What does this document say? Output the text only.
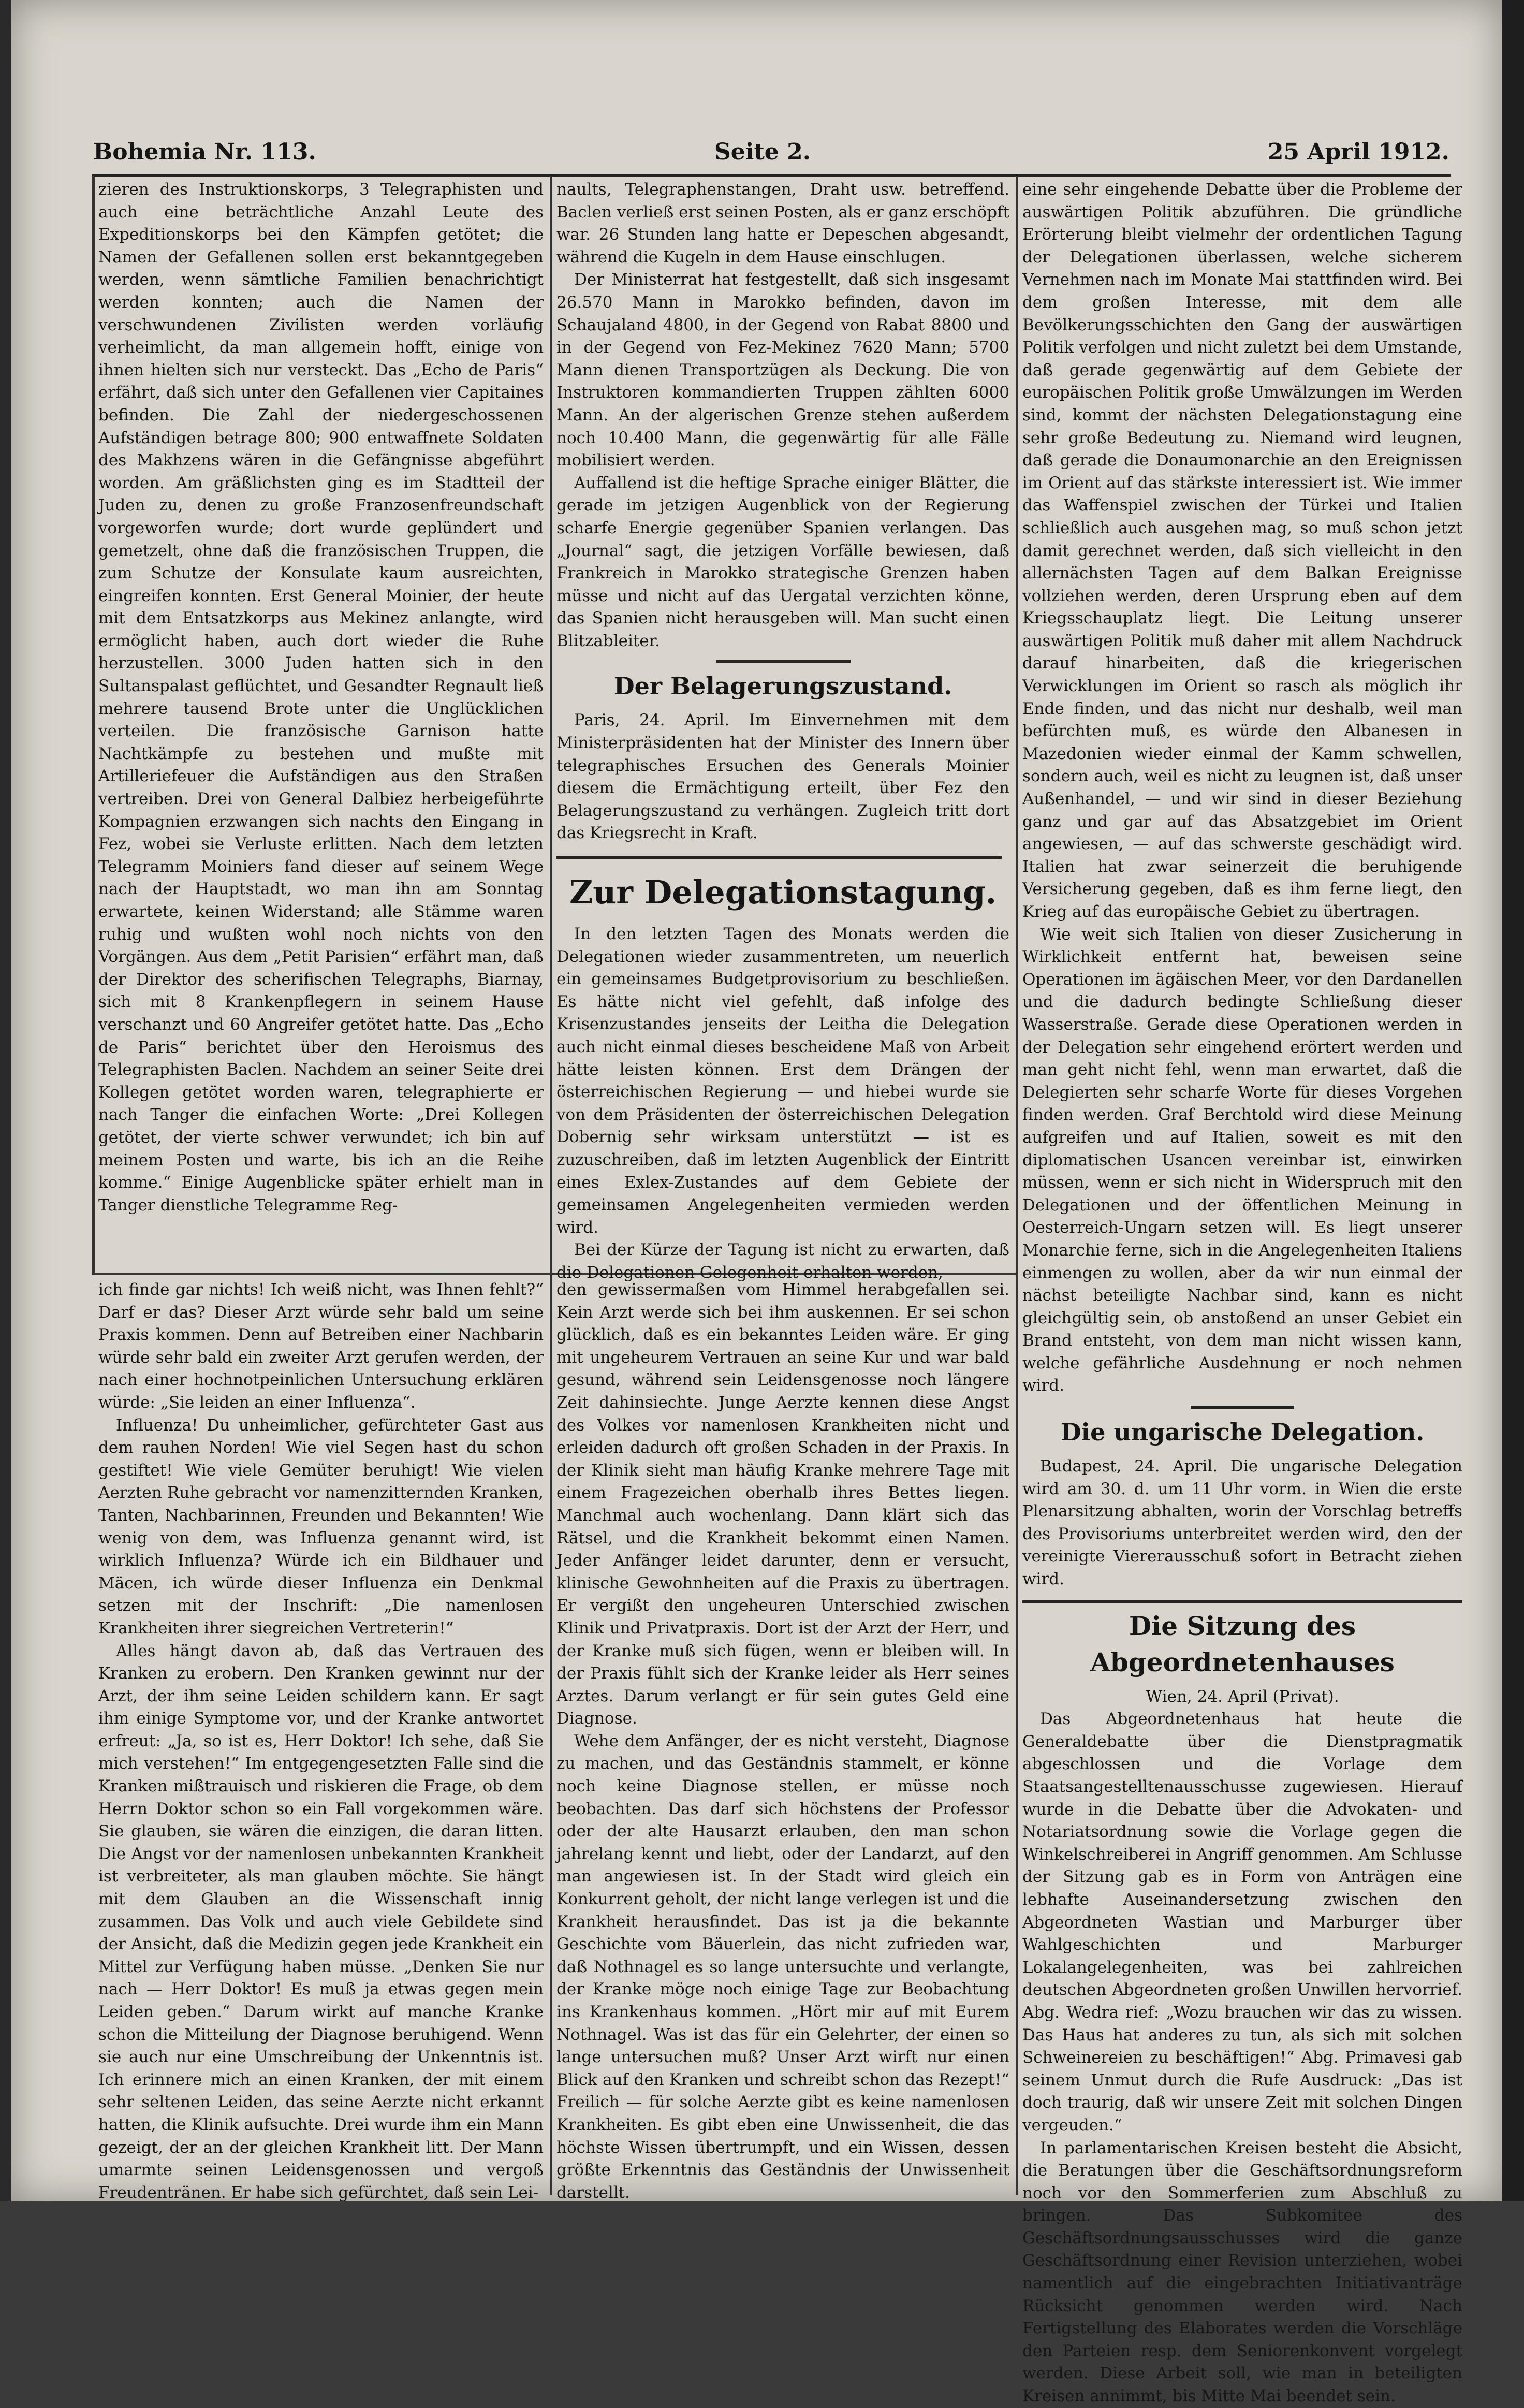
Bohemia Nr. 113.	Seite 2.	25 April 1912.

zieren des Instruktionskorps, 3 Telegraphisten und auch eine beträchtliche Anzahl Leute des Expeditionskorps bei den Kämpfen getötet; die Namen der Gefallenen sollen erst bekanntgegeben werden, wenn sämtliche Familien benachrichtigt werden konnten; auch die Namen der verschwundenen Zivilisten werden vorläufig verheimlicht, da man allgemein hofft, einige von ihnen hielten sich nur versteckt. Das „Echo de Paris“ erfährt, daß sich unter den Gefallenen vier Capitaines befinden. Die Zahl der niedergeschossenen Aufständigen betrage 800; 900 entwaffnete Soldaten des Makhzens wären in die Gefängnisse abgeführt worden. Am gräßlichsten ging es im Stadtteil der Juden zu, denen zu große Franzosenfreundschaft vorgeworfen wurde; dort wurde geplündert und gemetzelt, ohne daß die französischen Truppen, die zum Schutze der Konsulate kaum ausreichten, eingreifen konnten. Erst General Moinier, der heute mit dem Entsatzkorps aus Mekinez anlangte, wird ermöglicht haben, auch dort wieder die Ruhe herzustellen. 3000 Juden hatten sich in den Sultanspalast geflüchtet, und Gesandter Regnault ließ mehrere tausend Brote unter die Unglücklichen verteilen. Die französische Garnison hatte Nachtkämpfe zu bestehen und mußte mit Artilleriefeuer die Aufständigen aus den Straßen vertreiben. Drei von General Dalbiez herbeigeführte Kompagnien erzwangen sich nachts den Eingang in Fez, wobei sie Verluste erlitten. Nach dem letzten Telegramm Moiniers fand dieser auf seinem Wege nach der Hauptstadt, wo man ihn am Sonntag erwartete, keinen Widerstand; alle Stämme waren ruhig und wußten wohl noch nichts von den Vorgängen. Aus dem „Petit Parisien“ erfährt man, daß der Direktor des scherifischen Telegraphs, Biarnay, sich mit 8 Krankenpflegern in seinem Hause verschanzt und 60 Angreifer getötet hatte. Das „Echo de Paris“ berichtet über den Heroismus des Telegraphisten Baclen. Nachdem an seiner Seite drei Kollegen getötet worden waren, telegraphierte er nach Tanger die einfachen Worte: „Drei Kollegen getötet, der vierte schwer verwundet; ich bin auf meinem Posten und warte, bis ich an die Reihe komme.“ Einige Augenblicke später erhielt man in Tanger dienstliche Telegramme Reg-

naults, Telegraphenstangen, Draht usw. betreffend. Baclen verließ erst seinen Posten, als er ganz erschöpft war. 26 Stunden lang hatte er Depeschen abgesandt, während die Kugeln in dem Hause einschlugen.

Der Ministerrat hat festgestellt, daß sich insgesamt 26.570 Mann in Marokko befinden, davon im Schaujaland 4800, in der Gegend von Rabat 8800 und in der Gegend von Fez-Mekinez 7620 Mann; 5700 Mann dienen Transportzügen als Deckung. Die von Instruktoren kommandierten Truppen zählten 6000 Mann. An der algerischen Grenze stehen außerdem noch 10.400 Mann, die gegenwärtig für alle Fälle mobilisiert werden.

Auffallend ist die heftige Sprache einiger Blätter, die gerade im jetzigen Augenblick von der Regierung scharfe Energie gegenüber Spanien verlangen. Das „Journal“ sagt, die jetzigen Vorfälle bewiesen, daß Frankreich in Marokko strategische Grenzen haben müsse und nicht auf das Uergatal verzichten könne, das Spanien nicht herausgeben will. Man sucht einen Blitzableiter.

Der Belagerungszustand.

Paris, 24. April. Im Einvernehmen mit dem Ministerpräsidenten hat der Minister des Innern über telegraphisches Ersuchen des Generals Moinier diesem die Ermächtigung erteilt, über Fez den Belagerungszustand zu verhängen. Zugleich tritt dort das Kriegsrecht in Kraft.

Zur Delegationstagung.

In den letzten Tagen des Monats werden die Delegationen wieder zusammentreten, um neuerlich ein gemeinsames Budgetprovisorium zu beschließen. Es hätte nicht viel gefehlt, daß infolge des Krisenzustandes jenseits der Leitha die Delegation auch nicht einmal dieses bescheidene Maß von Arbeit hätte leisten können. Erst dem Drängen der österreichischen Regierung — und hiebei wurde sie von dem Präsidenten der österreichischen Delegation Dobernig sehr wirksam unterstützt — ist es zuzuschreiben, daß im letzten Augenblick der Eintritt eines Exlex-Zustandes auf dem Gebiete der gemeinsamen Angelegenheiten vermieden werden wird.

Bei der Kürze der Tagung ist nicht zu erwarten, daß die Delegationen Gelegenheit erhalten werden,

eine sehr eingehende Debatte über die Probleme der auswärtigen Politik abzuführen. Die gründliche Erörterung bleibt vielmehr der ordentlichen Tagung der Delegationen überlassen, welche sicherem Vernehmen nach im Monate Mai stattfinden wird. Bei dem großen Interesse, mit dem alle Bevölkerungsschichten den Gang der auswärtigen Politik verfolgen und nicht zuletzt bei dem Umstande, daß gerade gegenwärtig auf dem Gebiete der europäischen Politik große Umwälzungen im Werden sind, kommt der nächsten Delegationstagung eine sehr große Bedeutung zu. Niemand wird leugnen, daß gerade die Donaumonarchie an den Ereignissen im Orient auf das stärkste interessiert ist. Wie immer das Waffenspiel zwischen der Türkei und Italien schließlich auch ausgehen mag, so muß schon jetzt damit gerechnet werden, daß sich vielleicht in den allernächsten Tagen auf dem Balkan Ereignisse vollziehen werden, deren Ursprung eben auf dem Kriegsschauplatz liegt. Die Leitung unserer auswärtigen Politik muß daher mit allem Nachdruck darauf hinarbeiten, daß die kriegerischen Verwicklungen im Orient so rasch als möglich ihr Ende finden, und das nicht nur deshalb, weil man befürchten muß, es würde den Albanesen in Mazedonien wieder einmal der Kamm schwellen, sondern auch, weil es nicht zu leugnen ist, daß unser Außenhandel, — und wir sind in dieser Beziehung ganz und gar auf das Absatzgebiet im Orient angewiesen, — auf das schwerste geschädigt wird. Italien hat zwar seinerzeit die beruhigende Versicherung gegeben, daß es ihm ferne liegt, den Krieg auf das europäische Gebiet zu übertragen.

Wie weit sich Italien von dieser Zusicherung in Wirklichkeit entfernt hat, beweisen seine Operationen im ägäischen Meer, vor den Dardanellen und die dadurch bedingte Schließung dieser Wasserstraße. Gerade diese Operationen werden in der Delegation sehr eingehend erörtert werden und man geht nicht fehl, wenn man erwartet, daß die Delegierten sehr scharfe Worte für dieses Vorgehen finden werden. Graf Berchtold wird diese Meinung aufgreifen und auf Italien, soweit es mit den diplomatischen Usancen vereinbar ist, einwirken müssen, wenn er sich nicht in Widerspruch mit den Delegationen und der öffentlichen Meinung in Oesterreich-Ungarn setzen will. Es liegt unserer Monarchie ferne, sich in die Angelegenheiten Italiens einmengen zu wollen, aber da wir nun einmal der nächst beteiligte Nachbar sind, kann es nicht gleichgültig sein, ob anstoßend an unser Gebiet ein Brand entsteht, von dem man nicht wissen kann, welche gefährliche Ausdehnung er noch nehmen wird.

Die ungarische Delegation.

Budapest, 24. April. Die ungarische Delegation wird am 30. d. um 11 Uhr vorm. in Wien die erste Plenarsitzung abhalten, worin der Vorschlag betreffs des Provisoriums unterbreitet werden wird, den der vereinigte Viererausschuß sofort in Betracht ziehen wird.

Die Sitzung des Abgeordnetenhauses

Wien, 24. April (Privat).

Das Abgeordnetenhaus hat heute die Generaldebatte über die Dienstpragmatik abgeschlossen und die Vorlage dem Staatsangestelltenausschusse zugewiesen. Hierauf wurde in die Debatte über die Advokaten- und Notariatsordnung sowie die Vorlage gegen die Winkelschreiberei in Angriff genommen. Am Schlusse der Sitzung gab es in Form von Anträgen eine lebhafte Auseinandersetzung zwischen den Abgeordneten Wastian und Marburger über Wahlgeschichten und Marburger Lokalangelegenheiten, was bei zahlreichen deutschen Abgeordneten großen Unwillen hervorrief. Abg. Wedra rief: „Wozu brauchen wir das zu wissen. Das Haus hat anderes zu tun, als sich mit solchen Schweinereien zu beschäftigen!“ Abg. Primavesi gab seinem Unmut durch die Rufe Ausdruck: „Das ist doch traurig, daß wir unsere Zeit mit solchen Dingen vergeuden.“

In parlamentarischen Kreisen besteht die Absicht, die Beratungen über die Geschäftsordnungsreform noch vor den Sommerferien zum Abschluß zu bringen. Das Subkomitee des Geschäftsordnungsausschusses wird die ganze Geschäftsordnung einer Revision unterziehen, wobei namentlich auf die eingebrachten Initiativanträge Rücksicht genommen werden wird. Nach Fertigstellung des Elaborates werden die Vorschläge den Parteien resp. dem Seniorenkonvent vorgelegt werden. Diese Arbeit soll, wie man in beteiligten Kreisen annimmt, bis Mitte Mai beendet sein.

ich finde gar nichts! Ich weiß nicht, was Ihnen fehlt?“ Darf er das? Dieser Arzt würde sehr bald um seine Praxis kommen. Denn auf Betreiben einer Nachbarin würde sehr bald ein zweiter Arzt gerufen werden, der nach einer hochnotpeinlichen Untersuchung erklären würde: „Sie leiden an einer Influenza“.

Influenza! Du unheimlicher, gefürchteter Gast aus dem rauhen Norden! Wie viel Segen hast du schon gestiftet! Wie viele Gemüter beruhigt! Wie vielen Aerzten Ruhe gebracht vor namenzitternden Kranken, Tanten, Nachbarinnen, Freunden und Bekannten! Wie wenig von dem, was Influenza genannt wird, ist wirklich Influenza? Würde ich ein Bildhauer und Mäcen, ich würde dieser Influenza ein Denkmal setzen mit der Inschrift: „Die namenlosen Krankheiten ihrer siegreichen Vertreterin!“

Alles hängt davon ab, daß das Vertrauen des Kranken zu erobern. Den Kranken gewinnt nur der Arzt, der ihm seine Leiden schildern kann. Er sagt ihm einige Symptome vor, und der Kranke antwortet erfreut: „Ja, so ist es, Herr Doktor! Ich sehe, daß Sie mich verstehen!“ Im entgegengesetzten Falle sind die Kranken mißtrauisch und riskieren die Frage, ob dem Herrn Doktor schon so ein Fall vorgekommen wäre. Sie glauben, sie wären die einzigen, die daran litten. Die Angst vor der namenlosen unbekannten Krankheit ist verbreiteter, als man glauben möchte. Sie hängt mit dem Glauben an die Wissenschaft innig zusammen. Das Volk und auch viele Gebildete sind der Ansicht, daß die Medizin gegen jede Krankheit ein Mittel zur Verfügung haben müsse. „Denken Sie nur nach — Herr Doktor! Es muß ja etwas gegen mein Leiden geben.“ Darum wirkt auf manche Kranke schon die Mitteilung der Diagnose beruhigend. Wenn sie auch nur eine Umschreibung der Unkenntnis ist. Ich erinnere mich an einen Kranken, der mit einem sehr seltenen Leiden, das seine Aerzte nicht erkannt hatten, die Klinik aufsuchte. Drei wurde ihm ein Mann gezeigt, der an der gleichen Krankheit litt. Der Mann umarmte seinen Leidensgenossen und vergoß Freudentränen. Er habe sich gefürchtet, daß sein Lei-

den gewissermaßen vom Himmel herabgefallen sei. Kein Arzt werde sich bei ihm auskennen. Er sei schon glücklich, daß es ein bekanntes Leiden wäre. Er ging mit ungeheurem Vertrauen an seine Kur und war bald gesund, während sein Leidensgenosse noch längere Zeit dahinsiechte. Junge Aerzte kennen diese Angst des Volkes vor namenlosen Krankheiten nicht und erleiden dadurch oft großen Schaden in der Praxis. In der Klinik sieht man häufig Kranke mehrere Tage mit einem Fragezeichen oberhalb ihres Bettes liegen. Manchmal auch wochenlang. Dann klärt sich das Rätsel, und die Krankheit bekommt einen Namen. Jeder Anfänger leidet darunter, denn er versucht, klinische Gewohnheiten auf die Praxis zu übertragen. Er vergißt den ungeheuren Unterschied zwischen Klinik und Privatpraxis. Dort ist der Arzt der Herr, und der Kranke muß sich fügen, wenn er bleiben will. In der Praxis fühlt sich der Kranke leider als Herr seines Arztes. Darum verlangt er für sein gutes Geld eine Diagnose.

Wehe dem Anfänger, der es nicht versteht, Diagnose zu machen, und das Geständnis stammelt, er könne noch keine Diagnose stellen, er müsse noch beobachten. Das darf sich höchstens der Professor oder der alte Hausarzt erlauben, den man schon jahrelang kennt und liebt, oder der Landarzt, auf den man angewiesen ist. In der Stadt wird gleich ein Konkurrent geholt, der nicht lange verlegen ist und die Krankheit herausfindet. Das ist ja die bekannte Geschichte vom Bäuerlein, das nicht zufrieden war, daß Nothnagel es so lange untersuchte und verlangte, der Kranke möge noch einige Tage zur Beobachtung ins Krankenhaus kommen. „Hört mir auf mit Eurem Nothnagel. Was ist das für ein Gelehrter, der einen so lange untersuchen muß? Unser Arzt wirft nur einen Blick auf den Kranken und schreibt schon das Rezept!“ Freilich — für solche Aerzte gibt es keine namenlosen Krankheiten. Es gibt eben eine Unwissenheit, die das höchste Wissen übertrumpft, und ein Wissen, dessen größte Erkenntnis das Geständnis der Unwissenheit darstellt.
